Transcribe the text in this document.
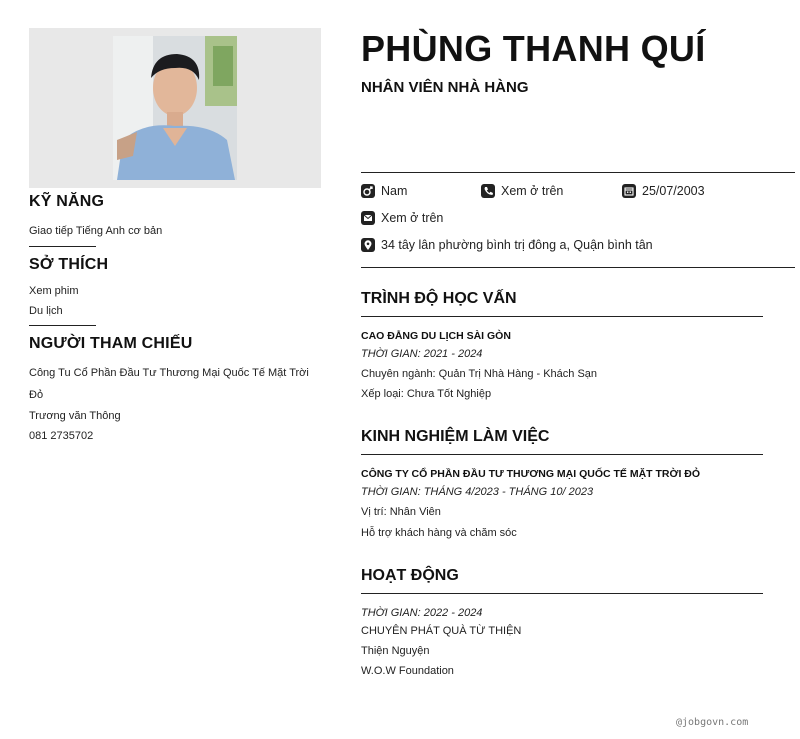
KỸ NĂNG
Giao tiếp Tiếng Anh cơ bản
SỞ THÍCH
Xem phim
Du lịch
NGƯỜI THAM CHIẾU
Công Tu Cổ Phần Đầu Tư Thương Mại Quốc Tế Mặt Trời Đỏ
Trương văn Thông
081 2735702
PHÙNG THANH QUÍ
NHÂN VIÊN NHÀ HÀNG
Nam	Xem ở trên	25/07/2003
Xem ở trên
34 tây lân phường bình trị đông a, Quận bình tân
TRÌNH ĐỘ HỌC VẤN
CAO ĐẲNG DU LỊCH SÀI GÒN
THỜI GIAN: 2021 - 2024
Chuyên ngành: Quản Trị Nhà Hàng - Khách Sạn
Xếp loại: Chưa Tốt Nghiệp
KINH NGHIỆM LÀM VIỆC
CÔNG TY CỔ PHẦN ĐẦU TƯ THƯƠNG MẠI QUỐC TẾ MẶT TRỜI ĐỎ
THỜI GIAN: THÁNG 4/2023 - THÁNG 10/ 2023
Vị trí: Nhân Viên
Hỗ trợ khách hàng và chăm sóc
HOẠT ĐỘNG
THỜI GIAN: 2022 - 2024
CHUYÊN PHÁT QUÀ TỪ THIỆN
Thiện Nguyện
W.O.W Foundation
@jobgovn.com
